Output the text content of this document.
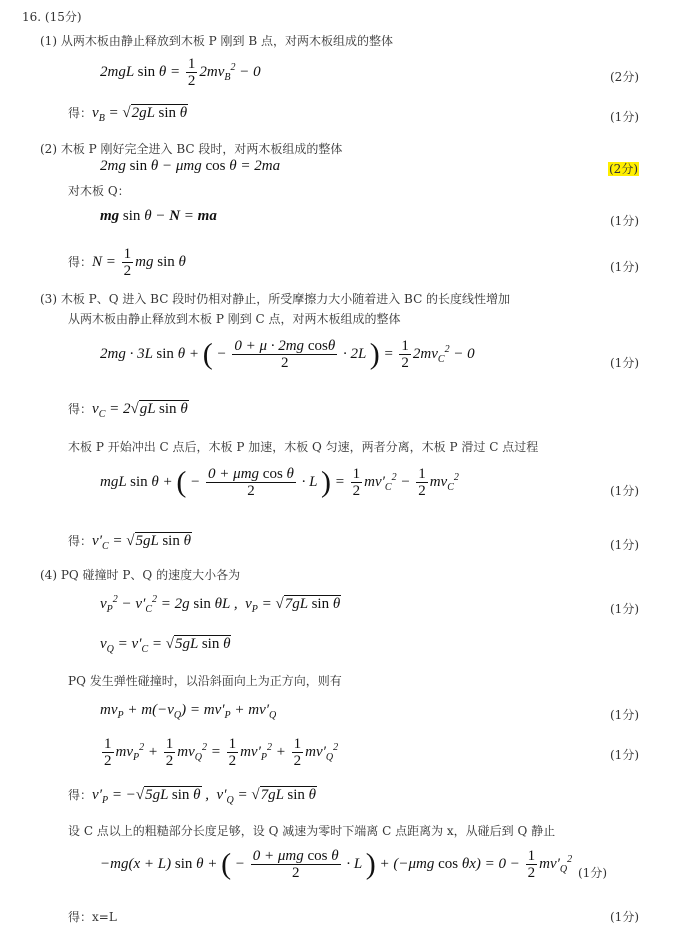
16. (15分)
(1) 从两木板由静止释放到木板 P 刚到 B 点，对两木板组成的整体
2mgL $\sin \theta = \frac{1}{2} 2mv_B^2 - 0$	(2分)
得：$v_B = √2gL$ sin θ	(1分)
(2) 木板 P 刚好完全进入 BC 段时，对两木板组成的整体
2mg sin θ − μmg cos θ = 2ma	(2分)
对木板 Q：
mg sin θ − N = ma	(1分)
得：$N = \frac{1}{2}$ mg sin θ	(1分)
(3) 木板 P、Q 进入 BC 段时仍相对静止，所受摩擦力大小随着进入 BC 的长度线性增加
从两木板由静止释放到木板 P 刚到 C 点，对两木板组成的整体
2mg · 3L sin θ + ( − $\frac{\text{0 + μ · 2mg cosθ}}{2} \cdot 2L$ ) = $\frac{1}{2} 2mv_C^2 - 0$
(1分)
得：$v_C = 2√gL$ sin θ
木板 P 开始冲出 C 点后，木板 P 加速，木板 Q 匀速，两者分离，木板 P 滑过 C 点过程
mgL sin θ + ( − $\frac{\text{0 + μmg cos θ}}{2} \cdot L$ ) = $\frac{1}{2} mv'_C^2 - \frac{1}{2} mv_C^2$
(1分)
得：$v'_C = √5gL$ sin θ	(1分)
(4) PQ 碰撞时 P、Q 的速度大小各为
$v_P^2 - v'_C^2 = 2g$ sin θL ,  $v_P = √7gL$ sin θ	(1分)
$v_Q = v'_C = √5gL$ sin θ
PQ 发生弹性碰撞时，以沿斜面向上为正方向，则有
$mv_P + m(-v_Q) = mv'_P + mv'_Q$	(1分)
$\frac{1}{2} mv_P^2 + \frac{1}{2} mv_Q^2 = \frac{1}{2} mv'_P^2 + \frac{1}{2} mv'_Q^2$
(1分)
得：$v'_P = -√5gL$ sin θ ,  $v'_Q = √7gL$ sin θ
设 C 点以上的粗糙部分长度足够，设 Q 减速为零时下端离 C 点距离为 x，从碰后到 Q 静止
−mg(x + L) sin θ + ( − $\frac{\text{0 + μmg cos θ}}{2} \cdot L$ ) + (−μmg $\cos \theta x) = 0 - \frac{1}{2} mv'_Q^2$
(1分)
得：x=L	(1分)
